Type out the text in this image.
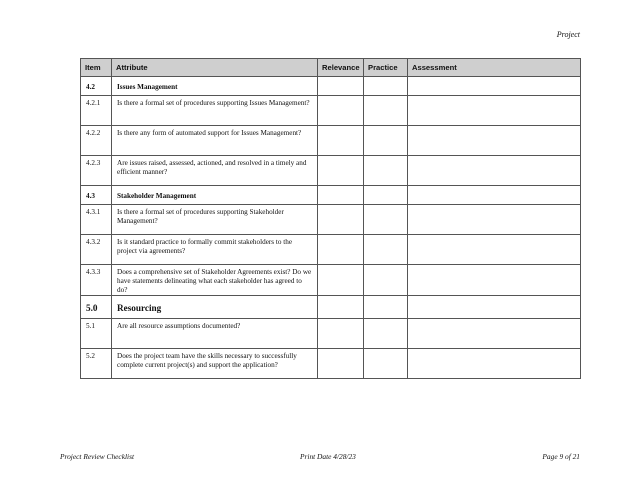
Project
Item	Attribute	Relevance	Practice	Assessment
4.2	Issues Management			
4.2.1	Is there a formal set of procedures supporting Issues Management?			
4.2.2	Is there any form of automated support for Issues Management?			
4.2.3	Are issues raised, assessed, actioned, and resolved in a timely and efficient manner?			
4.3	Stakeholder Management			
4.3.1	Is there a formal set of procedures supporting Stakeholder Management?			
4.3.2	Is it standard practice to formally commit stakeholders to the project via agreements?			
4.3.3	Does a comprehensive set of Stakeholder Agreements exist? Do we have statements delineating what each stakeholder has agreed to do?			
5.0	Resourcing			
5.1	Are all resource assumptions documented?			
5.2	Does the project team have the skills necessary to successfully complete current project(s) and support the application?			
Project Review Checklist	Print Date 4/28/23	Page 9 of 21
